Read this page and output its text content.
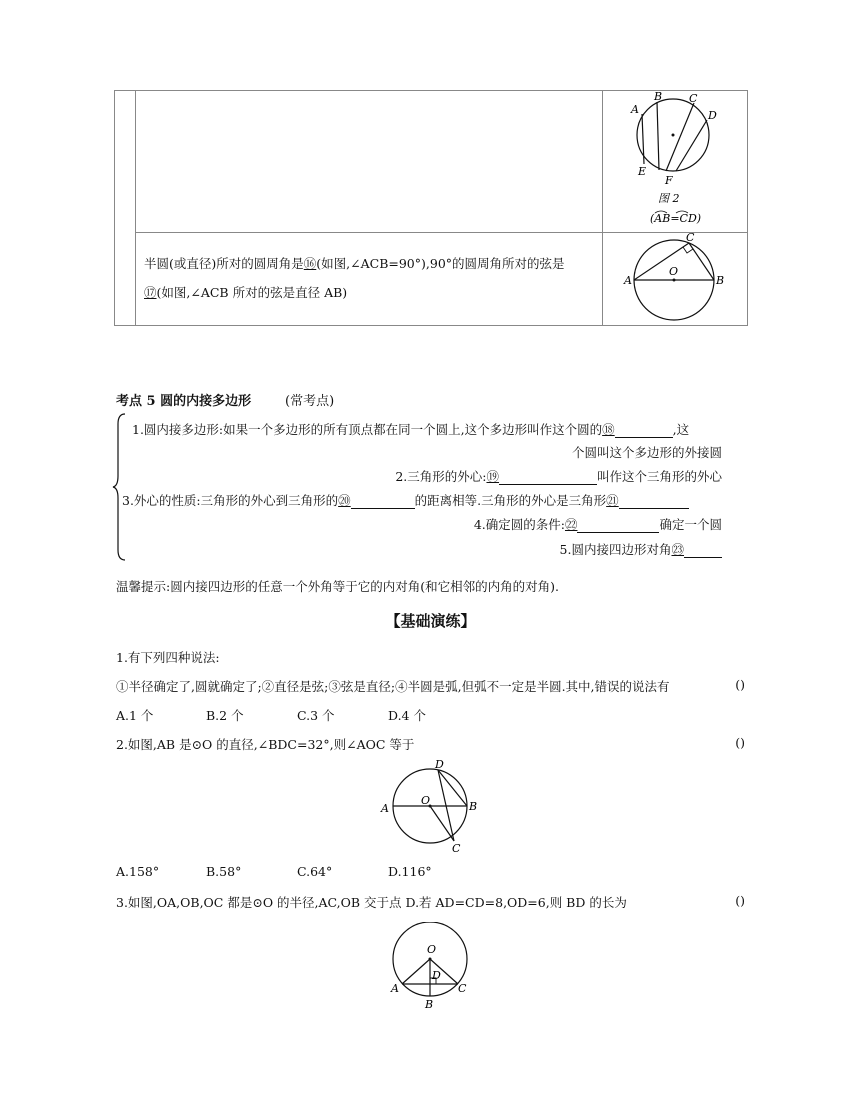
A
B C
D
E
F
图 2
(AB=CD)
半圆(或直径)所对的圆周角是⑯(如图,∠ACB=90°),90°的圆周角所对的弦是
⑰(如图,∠ACB 所对的弦是直径 AB)
C
A
O
B
考点 5 圆的内接多边形	(常考点)
1.圆内接多边形:如果一个多边形的所有顶点都在同一个圆上,这个多边形叫作这个圆的⑱	,这
个圆叫这个多边形的外接圆
2.三角形的外心:⑲	叫作这个三角形的外心
3.外心的性质:三角形的外心到三角形的⑳	的距离相等.三角形的外心是三角形㉑
4.确定圆的条件:㉒	确定一个圆
5.圆内接四边形对角㉓
温馨提示:圆内接四边形的任意一个外角等于它的内对角(和它相邻的内角的对角).
【基础演练】
1.有下列四种说法:
①半径确定了,圆就确定了;②直径是弦;③弦是直径;④半圆是弧,但弧不一定是半圆.其中,错误的说法有	()
A.1 个	B.2 个	C.3 个	D.4 个
2.如图,AB 是⊙O 的直径,∠BDC=32°,则∠AOC 等于	()
D
A
O	B
C
A.158°	B.58°	C.64°	D.116°
3.如图,OA,OB,OC 都是⊙O 的半径,AC,OB 交于点 D.若 AD=CD=8,OD=6,则 BD 的长为	()
O
D
A	C
B
